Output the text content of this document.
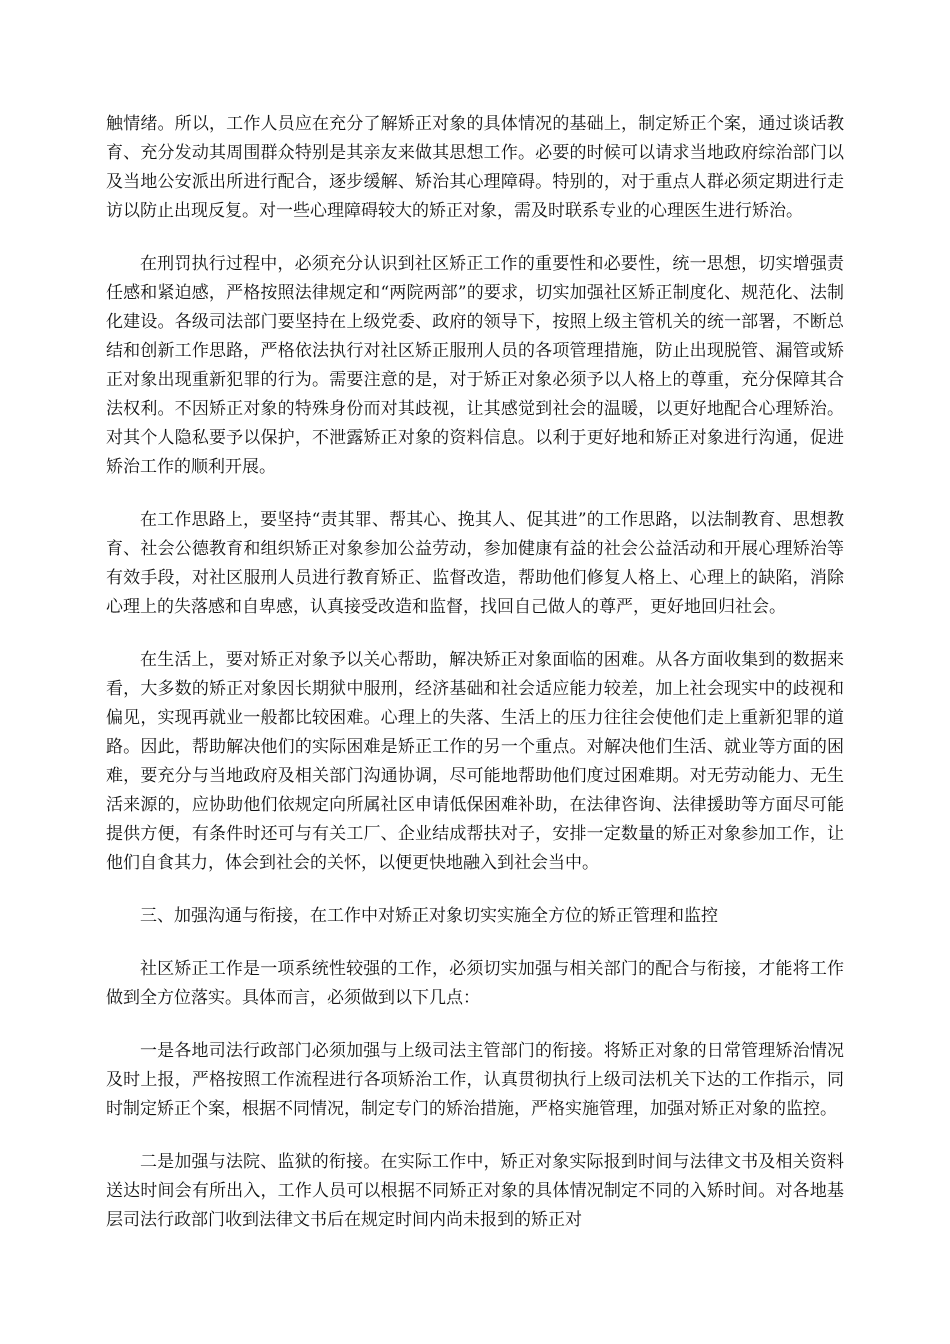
触情绪。所以，工作人员应在充分了解矫正对象的具体情况的基础上，制定矫正个案，通过谈话教育、充分发动其周围群众特别是其亲友来做其思想工作。必要的时候可以请求当地政府综治部门以及当地公安派出所进行配合，逐步缓解、矫治其心理障碍。特别的，对于重点人群必须定期进行走访以防止出现反复。对一些心理障碍较大的矫正对象，需及时联系专业的心理医生进行矫治。

在刑罚执行过程中，必须充分认识到社区矫正工作的重要性和必要性，统一思想，切实增强责任感和紧迫感，严格按照法律规定和“两院两部”的要求，切实加强社区矫正制度化、规范化、法制化建设。各级司法部门要坚持在上级党委、政府的领导下，按照上级主管机关的统一部署，不断总结和创新工作思路，严格依法执行对社区矫正服刑人员的各项管理措施，防止出现脱管、漏管或矫正对象出现重新犯罪的行为。需要注意的是，对于矫正对象必须予以人格上的尊重，充分保障其合法权利。不因矫正对象的特殊身份而对其歧视，让其感觉到社会的温暖，以更好地配合心理矫治。对其个人隐私要予以保护，不泄露矫正对象的资料信息。以利于更好地和矫正对象进行沟通，促进矫治工作的顺利开展。

在工作思路上，要坚持“责其罪、帮其心、挽其人、促其进”的工作思路，以法制教育、思想教育、社会公德教育和组织矫正对象参加公益劳动，参加健康有益的社会公益活动和开展心理矫治等有效手段，对社区服刑人员进行教育矫正、监督改造，帮助他们修复人格上、心理上的缺陷，消除心理上的失落感和自卑感，认真接受改造和监督，找回自己做人的尊严，更好地回归社会。

在生活上，要对矫正对象予以关心帮助，解决矫正对象面临的困难。从各方面收集到的数据来看，大多数的矫正对象因长期狱中服刑，经济基础和社会适应能力较差，加上社会现实中的歧视和偏见，实现再就业一般都比较困难。心理上的失落、生活上的压力往往会使他们走上重新犯罪的道路。因此，帮助解决他们的实际困难是矫正工作的另一个重点。对解决他们生活、就业等方面的困难，要充分与当地政府及相关部门沟通协调，尽可能地帮助他们度过困难期。对无劳动能力、无生活来源的，应协助他们依规定向所属社区申请低保困难补助，在法律咨询、法律援助等方面尽可能提供方便，有条件时还可与有关工厂、企业结成帮扶对子，安排一定数量的矫正对象参加工作，让他们自食其力，体会到社会的关怀，以便更快地融入到社会当中。

三、加强沟通与衔接，在工作中对矫正对象切实实施全方位的矫正管理和监控

社区矫正工作是一项系统性较强的工作，必须切实加强与相关部门的配合与衔接，才能将工作做到全方位落实。具体而言，必须做到以下几点：

一是各地司法行政部门必须加强与上级司法主管部门的衔接。将矫正对象的日常管理矫治情况及时上报，严格按照工作流程进行各项矫治工作，认真贯彻执行上级司法机关下达的工作指示，同时制定矫正个案，根据不同情况，制定专门的矫治措施，严格实施管理，加强对矫正对象的监控。

二是加强与法院、监狱的衔接。在实际工作中，矫正对象实际报到时间与法律文书及相关资料送达时间会有所出入，工作人员可以根据不同矫正对象的具体情况制定不同的入矫时间。对各地基层司法行政部门收到法律文书后在规定时间内尚未报到的矫正对
